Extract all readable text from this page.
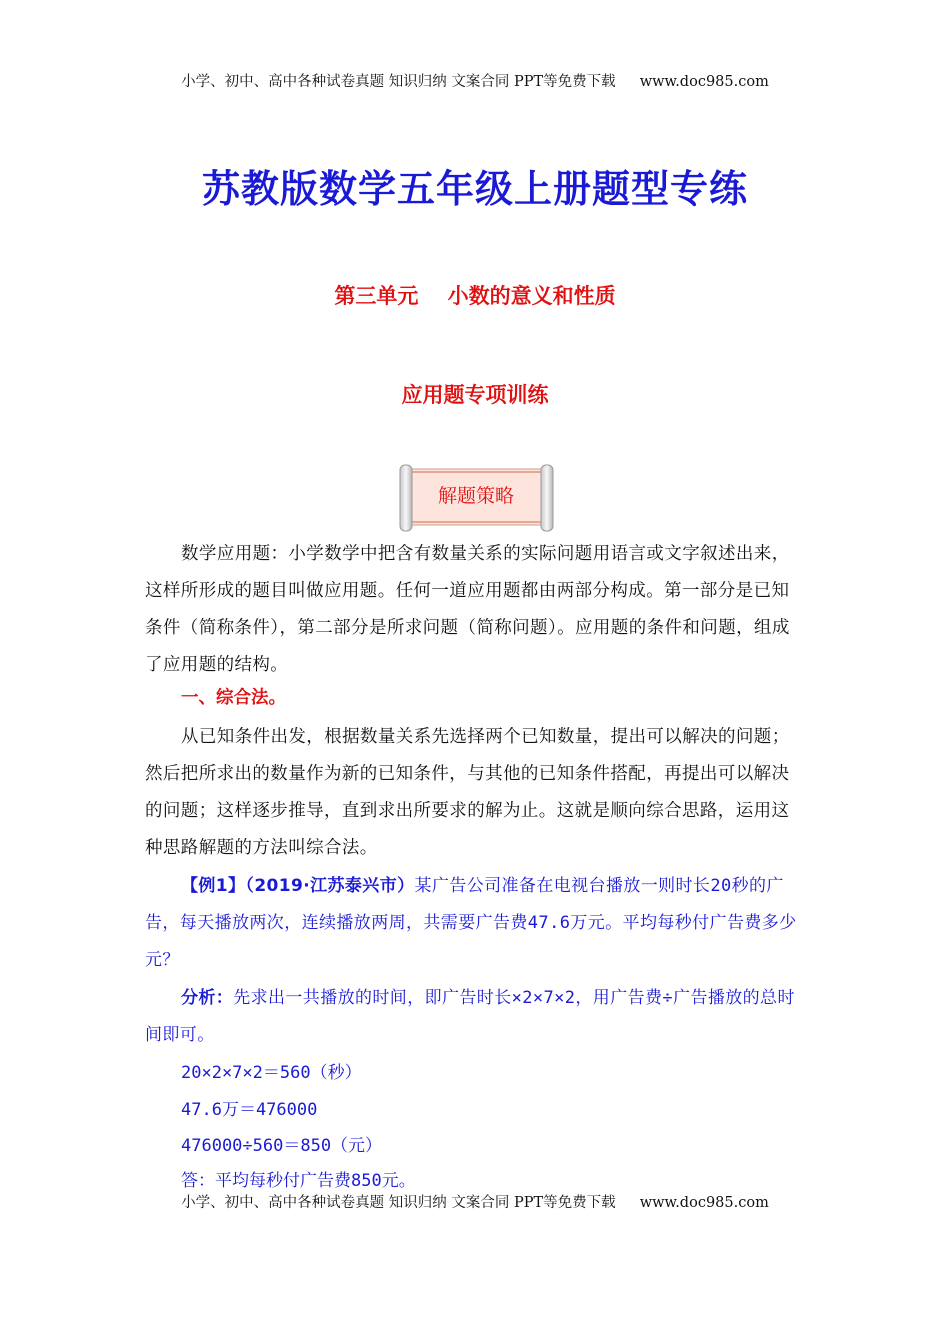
小学、初中、高中各种试卷真题 知识归纳 文案合同 PPT等免费下载 www.doc985.com
苏教版数学五年级上册题型专练
第三单元    小数的意义和性质
应用题专项训练
解题策略
数学应用题：小学数学中把含有数量关系的实际问题用语言或文字叙述出来，这样所形成的题目叫做应用题。任何一道应用题都由两部分构成。第一部分是已知条件（简称条件），第二部分是所求问题（简称问题）。应用题的条件和问题，组成了应用题的结构。
一、综合法。
从已知条件出发，根据数量关系先选择两个已知数量，提出可以解决的问题；然后把所求出的数量作为新的已知条件，与其他的已知条件搭配，再提出可以解决的问题；这样逐步推导，直到求出所要求的解为止。这就是顺向综合思路，运用这种思路解题的方法叫综合法。
【例1】（2019·江苏泰兴市）某广告公司准备在电视台播放一则时长20秒的广告，每天播放两次，连续播放两周，共需要广告费47.6万元。平均每秒付广告费多少元？
分析：先求出一共播放的时间，即广告时长×2×7×2，用广告费÷广告播放的总时间即可。
20×2×7×2＝560（秒）
47.6万＝476000
476000÷560＝850（元）
答：平均每秒付广告费850元。
小学、初中、高中各种试卷真题 知识归纳 文案合同 PPT等免费下载 www.doc985.com
